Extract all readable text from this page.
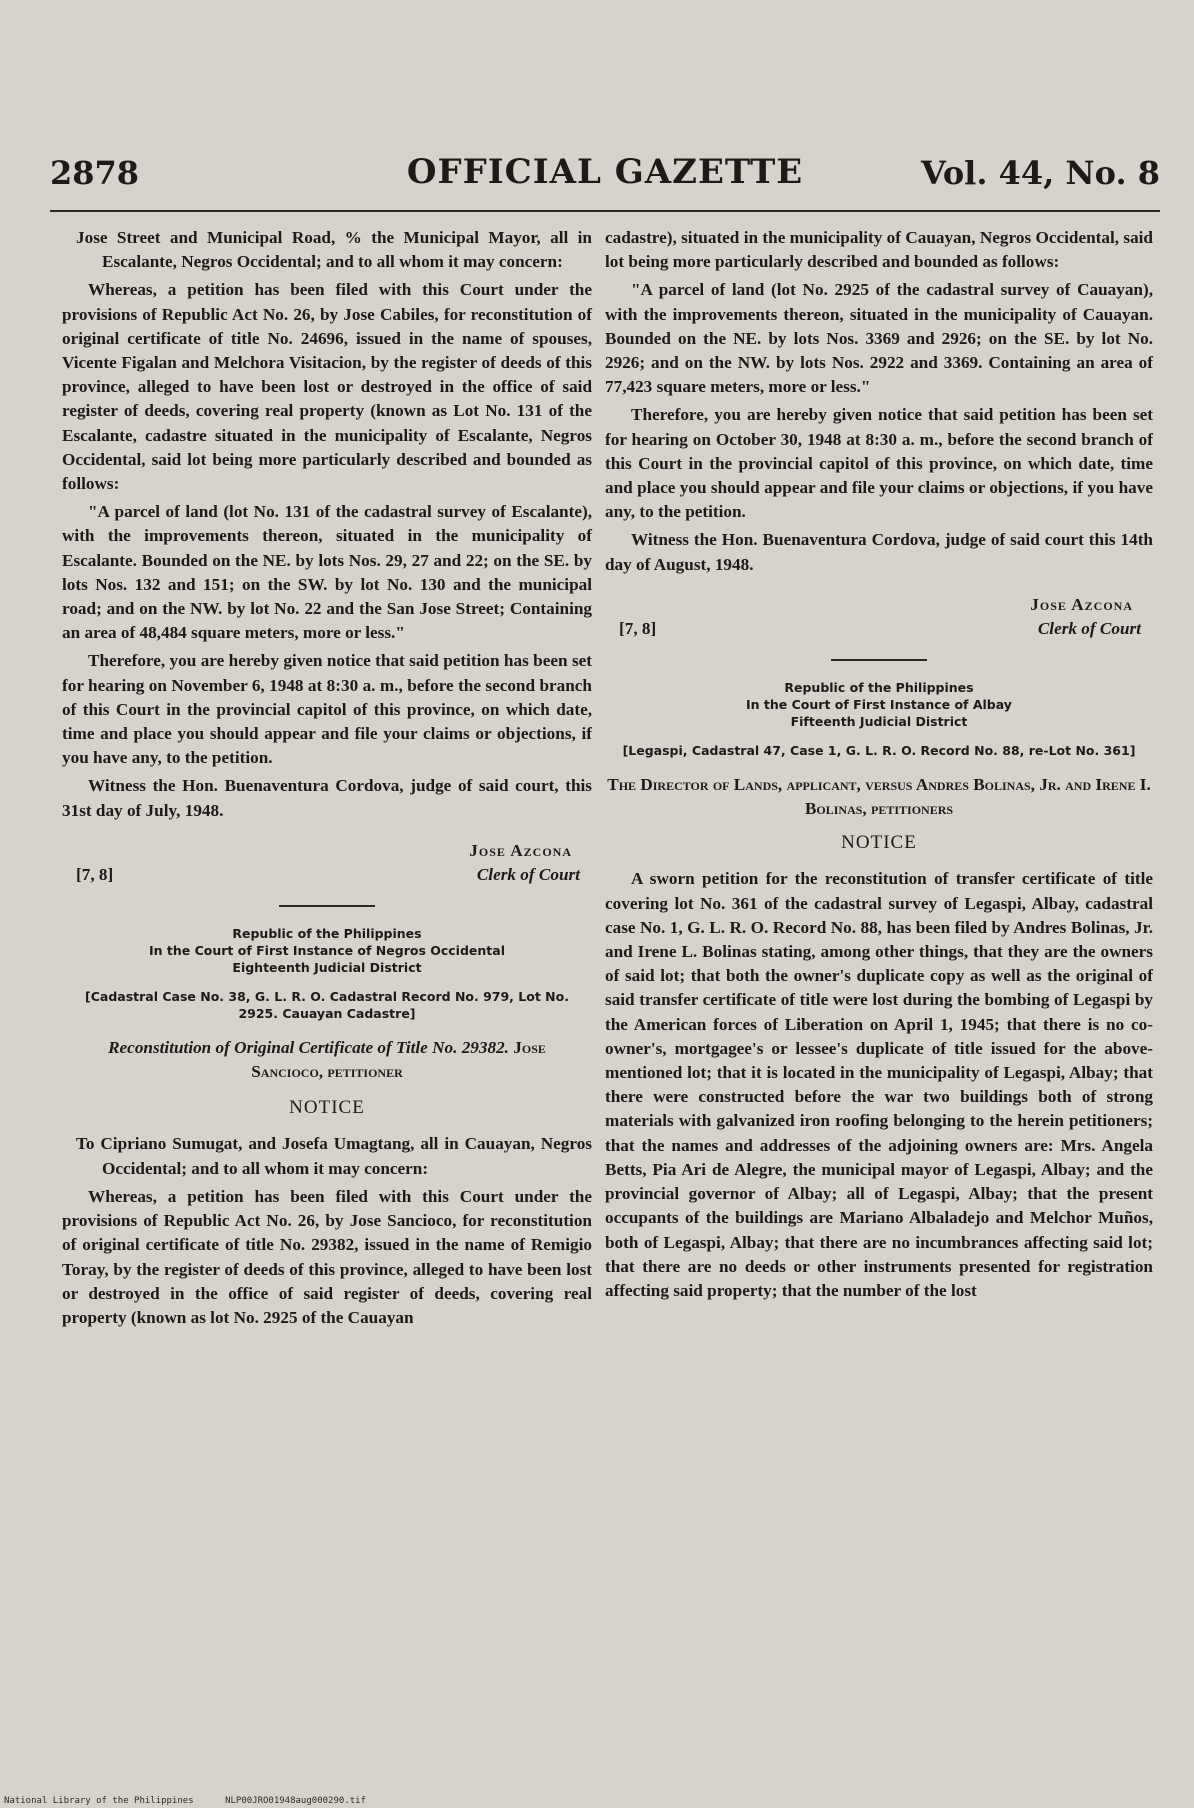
2878	OFFICIAL GAZETTE	Vol. 44, No. 8

Jose Street and Municipal Road, % the Municipal Mayor, all in Escalante, Negros Occidental; and to all whom it may concern:

Whereas, a petition has been filed with this Court under the provisions of Republic Act No. 26, by Jose Cabiles, for reconstitution of original certificate of title No. 24696, issued in the name of spouses, Vicente Figalan and Melchora Visitacion, by the register of deeds of this province, alleged to have been lost or destroyed in the office of said register of deeds, covering real property (known as Lot No. 131 of the Escalante, cadastre situated in the municipality of Escalante, Negros Occidental, said lot being more particularly described and bounded as follows:

"A parcel of land (lot No. 131 of the cadastral survey of Escalante), with the improvements thereon, situated in the municipality of Escalante. Bounded on the NE. by lots Nos. 29, 27 and 22; on the SE. by lots Nos. 132 and 151; on the SW. by lot No. 130 and the municipal road; and on the NW. by lot No. 22 and the San Jose Street; Containing an area of 48,484 square meters, more or less."

Therefore, you are hereby given notice that said petition has been set for hearing on November 6, 1948 at 8:30 a. m., before the second branch of this Court in the provincial capitol of this province, on which date, time and place you should appear and file your claims or objections, if you have any, to the petition.

Witness the Hon. Buenaventura Cordova, judge of said court, this 31st day of July, 1948.

Jose Azcona
[7, 8]	Clerk of Court
Republic of the Philippines
In the Court of First Instance of Negros Occidental
Eighteenth Judicial District
[Cadastral Case No. 38, G. L. R. O. Cadastral Record No. 979, Lot No. 2925. Cauayan Cadastre]
Reconstitution of Original Certificate of Title No. 29382. Jose Sancioco, petitioner
NOTICE

To Cipriano Sumugat, and Josefa Umagtang, all in Cauayan, Negros Occidental; and to all whom it may concern:

Whereas, a petition has been filed with this Court under the provisions of Republic Act No. 26, by Jose Sancioco, for reconstitution of original certificate of title No. 29382, issued in the name of Remigio Toray, by the register of deeds of this province, alleged to have been lost or destroyed in the office of said register of deeds, covering real property (known as lot No. 2925 of the Cauayan

cadastre), situated in the municipality of Cauayan, Negros Occidental, said lot being more particularly described and bounded as follows:

"A parcel of land (lot No. 2925 of the cadastral survey of Cauayan), with the improvements thereon, situated in the municipality of Cauayan. Bounded on the NE. by lots Nos. 3369 and 2926; on the SE. by lot No. 2926; and on the NW. by lots Nos. 2922 and 3369. Containing an area of 77,423 square meters, more or less."

Therefore, you are hereby given notice that said petition has been set for hearing on October 30, 1948 at 8:30 a. m., before the second branch of this Court in the provincial capitol of this province, on which date, time and place you should appear and file your claims or objections, if you have any, to the petition.

Witness the Hon. Buenaventura Cordova, judge of said court this 14th day of August, 1948.

Jose Azcona
[7, 8]	Clerk of Court
Republic of the Philippines
In the Court of First Instance of Albay
Fifteenth Judicial District
[Legaspi, Cadastral 47, Case 1, G. L. R. O. Record No. 88, re-Lot No. 361]
The Director of Lands, applicant, versus Andres Bolinas, Jr. and Irene I. Bolinas, petitioners
NOTICE

A sworn petition for the reconstitution of transfer certificate of title covering lot No. 361 of the cadastral survey of Legaspi, Albay, cadastral case No. 1, G. L. R. O. Record No. 88, has been filed by Andres Bolinas, Jr. and Irene L. Bolinas stating, among other things, that they are the owners of said lot; that both the owner's duplicate copy as well as the original of said transfer certificate of title were lost during the bombing of Legaspi by the American forces of Liberation on April 1, 1945; that there is no co-owner's, mortgagee's or lessee's duplicate of title issued for the above-mentioned lot; that it is located in the municipality of Legaspi, Albay; that there were constructed before the war two buildings both of strong materials with galvanized iron roofing belonging to the herein petitioners; that the names and addresses of the adjoining owners are: Mrs. Angela Betts, Pia Ari de Alegre, the municipal mayor of Legaspi, Albay; and the provincial governor of Albay; all of Legaspi, Albay; that the present occupants of the buildings are Mariano Albaladejo and Melchor Muños, both of Legaspi, Albay; that there are no incumbrances affecting said lot; that there are no deeds or other instruments presented for registration affecting said property; that the number of the lost

National Library of the Philippines	NLP00JRO01948aug000290.tif
